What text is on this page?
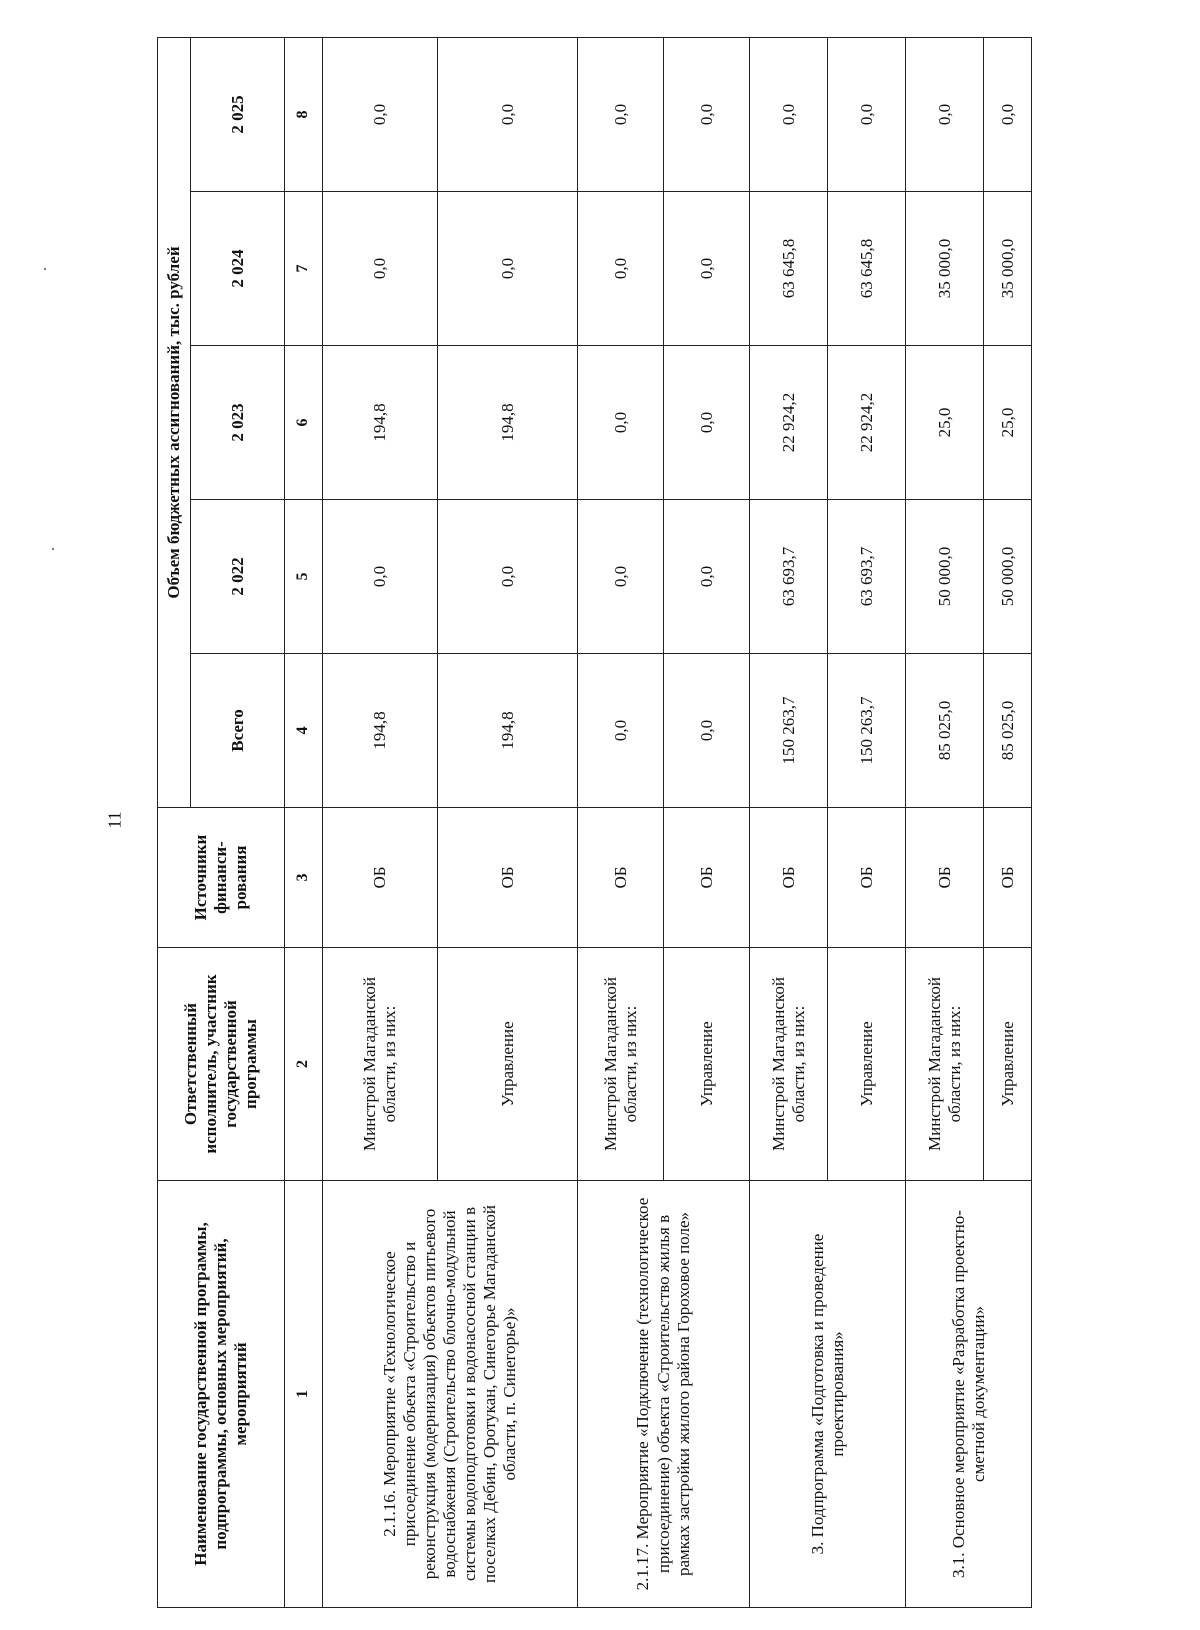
11
Наименование государственной программы, подпрограммы, основных мероприятий, мероприятий	Ответственный исполнитель, участник государственной программы	Источники финанси-рования	Объем бюджетных ассигнований, тыс. рублей				
			Всего	2 022	2 023	2 024	2 025
1	2	3	4	5	6	7	8
2.1.16. Мероприятие «Технологическое присоединение объекта «Строительство и реконструкция (модернизация) объектов питьевого водоснабжения (Строительство блочно-модульной системы водоподготовки и водонасосной станции в поселках Дебин, Оротукан, Синегорье Магаданской области, п. Синегорье)»	Минстрой Магаданской области, из них:	ОБ	194,8	0,0	194,8	0,0	0,0
	Управление	ОБ	194,8	0,0	194,8	0,0	0,0
2.1.17. Мероприятие «Подключение (технологическое присоединение) объекта «Строительство жилья в рамках застройки жилого района Гороховое поле»	Минстрой Магаданской области, из них:	ОБ	0,0	0,0	0,0	0,0	0,0
	Управление	ОБ	0,0	0,0	0,0	0,0	0,0
3. Подпрограмма «Подготовка и проведение проектирования»	Минстрой Магаданской области, из них:	ОБ	150 263,7	63 693,7	22 924,2	63 645,8	0,0
	Управление	ОБ	150 263,7	63 693,7	22 924,2	63 645,8	0,0
3.1. Основное мероприятие «Разработка проектно-сметной документации»	Минстрой Магаданской области, из них:	ОБ	85 025,0	50 000,0	25,0	35 000,0	0,0
	Управление	ОБ	85 025,0	50 000,0	25,0	35 000,0	0,0
